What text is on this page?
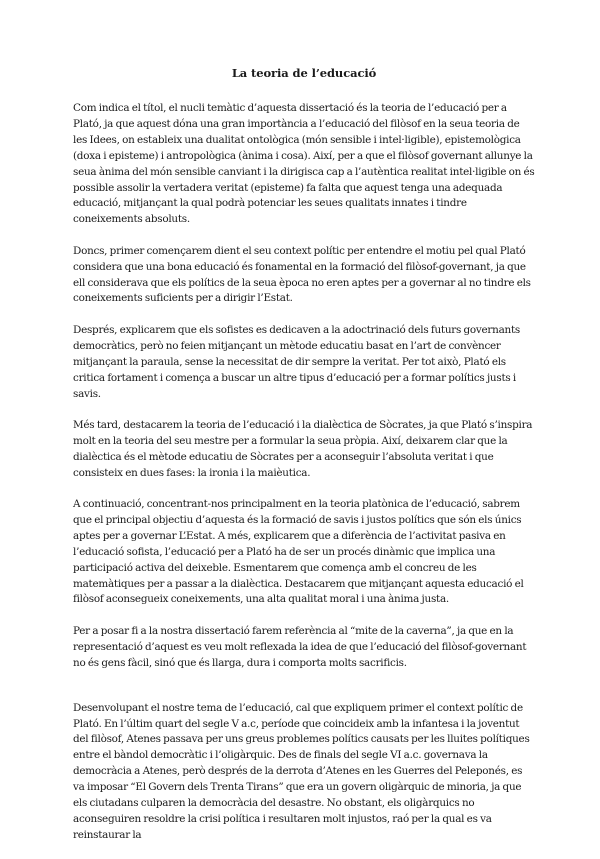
La teoria de l’educació

Com indica el títol, el nucli temàtic d’aquesta dissertació és la teoria de l’educació per a Plató, ja que aquest dóna una gran importància a l’educació del filòsof en la seua teoria de les Idees, on estableix una dualitat ontològica (món sensible i intel·ligible), epistemològica (doxa i episteme) i antropològica (ànima i cosa). Així, per a que el filòsof governant allunye la seua ànima del món sensible canviant i la dirigisca cap a l’autèntica realitat intel·ligible on és possible assolir la vertadera veritat (episteme) fa falta que aquest tenga una adequada educació, mitjançant la qual podrà potenciar les seues qualitats innates i tindre coneixements absoluts.

Doncs, primer començarem dient el seu context polític per entendre el motiu pel qual Plató considera que una bona educació és fonamental en la formació del filòsof-governant, ja que ell considerava que els polítics de la seua època no eren aptes per a governar al no tindre els coneixements suficients per a dirigir l’Estat.

Després, explicarem que els sofistes es dedicaven a la adoctrinació dels futurs governants democràtics, però no feien mitjançant un mètode educatiu basat en l’art de convèncer mitjançant la paraula, sense la necessitat de dir sempre la veritat. Per tot això, Plató els critica fortament i comença a buscar un altre tipus d’educació per a formar polítics justs i savis.

Més tard, destacarem la teoria de l’educació i la dialèctica de Sòcrates, ja que Plató s’inspira molt en la teoria del seu mestre per a formular la seua pròpia. Així, deixarem clar que la dialèctica és el mètode educatiu de Sòcrates per a aconseguir l’absoluta veritat i que consisteix en dues fases: la ironia i la maièutica.

A continuació, concentrant-nos principalment en la teoria platònica de l’educació, sabrem que el principal objectiu d’aquesta és la formació de savis i justos polítics que són els únics aptes per a governar L’Estat. A més, explicarem que a diferència de l’activitat pasiva en l’educació sofista, l’educació per a Plató ha de ser un procés dinàmic que implica una participació activa del deixeble. Esmentarem que comença amb el concreu de les matemàtiques per a passar a la dialèctica. Destacarem que mitjançant aquesta educació el filòsof aconsegueix coneixements, una alta qualitat moral i una ànima justa.

Per a posar fi a la nostra dissertació farem referència al “mite de la caverna”, ja que en la representació d’aquest es veu molt reflexada la idea de que l’educació del filòsof-governant no és gens fàcil, sinó que és llarga, dura i comporta molts sacrificis.

Desenvolupant el nostre tema de l’educació, cal que expliquem primer el context polític de Plató. En l’últim quart del segle V a.c, període que coincideix amb la infantesa i la joventut del filòsof, Atenes passava per uns greus problemes polítics causats per les lluites polítiques entre el bàndol democràtic i l’oligàrquic. Des de finals del segle VI a.c. governava la democràcia a Atenes, però després de la derrota d’Atenes en les Guerres del Peleponés, es va imposar “El Govern dels Trenta Tirans” que era un govern oligàrquic de minoria, ja que els ciutadans culparen la democràcia del desastre. No obstant, els oligàrquics no aconseguiren resoldre la crisi política i resultaren molt injustos, raó per la qual es va reinstaurar la
